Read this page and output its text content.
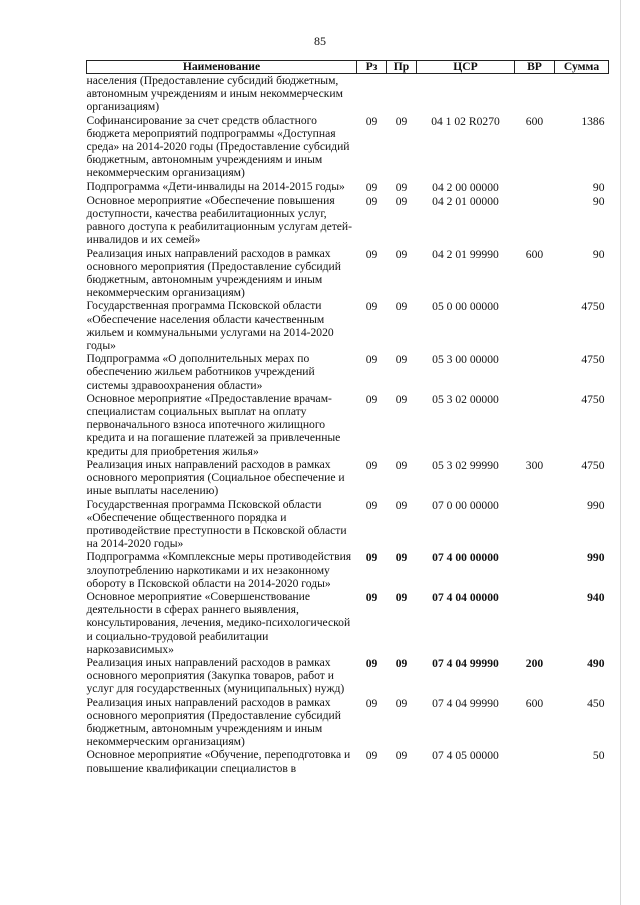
85
Наименование	Рз	Пр	ЦСР	ВР	Сумма
населения (Предоставление субсидий бюджетным, автономным учреждениям и иным некоммерческим организациям)					
Софинансирование за счет средств областного бюджета мероприятий подпрограммы «Доступная среда» на 2014-2020 годы (Предоставление субсидий бюджетным, автономным учреждениям и иным некоммерческим организациям)	09	09	04 1 02 R0270	600	1386
Подпрограмма «Дети-инвалиды на 2014-2015 годы»	09	09	04 2 00 00000		90
Основное мероприятие «Обеспечение повышения доступности, качества реабилитационных услуг, равного доступа к реабилитационным услугам детей-инвалидов и их семей»	09	09	04 2 01 00000		90
Реализация иных направлений расходов в рамках основного мероприятия (Предоставление субсидий бюджетным, автономным учреждениям и иным некоммерческим организациям)	09	09	04 2 01 99990	600	90
Государственная программа Псковской области «Обеспечение населения области качественным жильем и коммунальными услугами на 2014-2020 годы»	09	09	05 0 00 00000		4750
Подпрограмма «О дополнительных мерах по обеспечению жильем работников учреждений системы здравоохранения области»	09	09	05 3 00 00000		4750
Основное мероприятие «Предоставление врачам-специалистам социальных выплат на оплату первоначального взноса ипотечного жилищного кредита и на погашение платежей за привлеченные кредиты для приобретения жилья»	09	09	05 3 02 00000		4750
Реализация иных направлений расходов в рамках основного мероприятия (Социальное обеспечение и иные выплаты населению)	09	09	05 3 02 99990	300	4750
Государственная программа Псковской области «Обеспечение общественного порядка и противодействие преступности в Псковской области на 2014-2020 годы»	09	09	07 0 00 00000		990
Подпрограмма «Комплексные меры противодействия злоупотреблению наркотиками и их незаконному обороту в Псковской области на 2014-2020 годы»	09	09	07 4 00 00000		990
Основное мероприятие «Совершенствование деятельности в сферах раннего выявления, консультирования, лечения, медико-психологической и социально-трудовой реабилитации наркозависимых»	09	09	07 4 04 00000		940
Реализация иных направлений расходов в рамках основного мероприятия (Закупка товаров, работ и услуг для государственных (муниципальных) нужд)	09	09	07 4 04 99990	200	490
Реализация иных направлений расходов в рамках основного мероприятия (Предоставление субсидий бюджетным, автономным учреждениям и иным некоммерческим организациям)	09	09	07 4 04 99990	600	450
Основное мероприятие «Обучение, переподготовка и повышение квалификации специалистов в	09	09	07 4 05 00000		50
